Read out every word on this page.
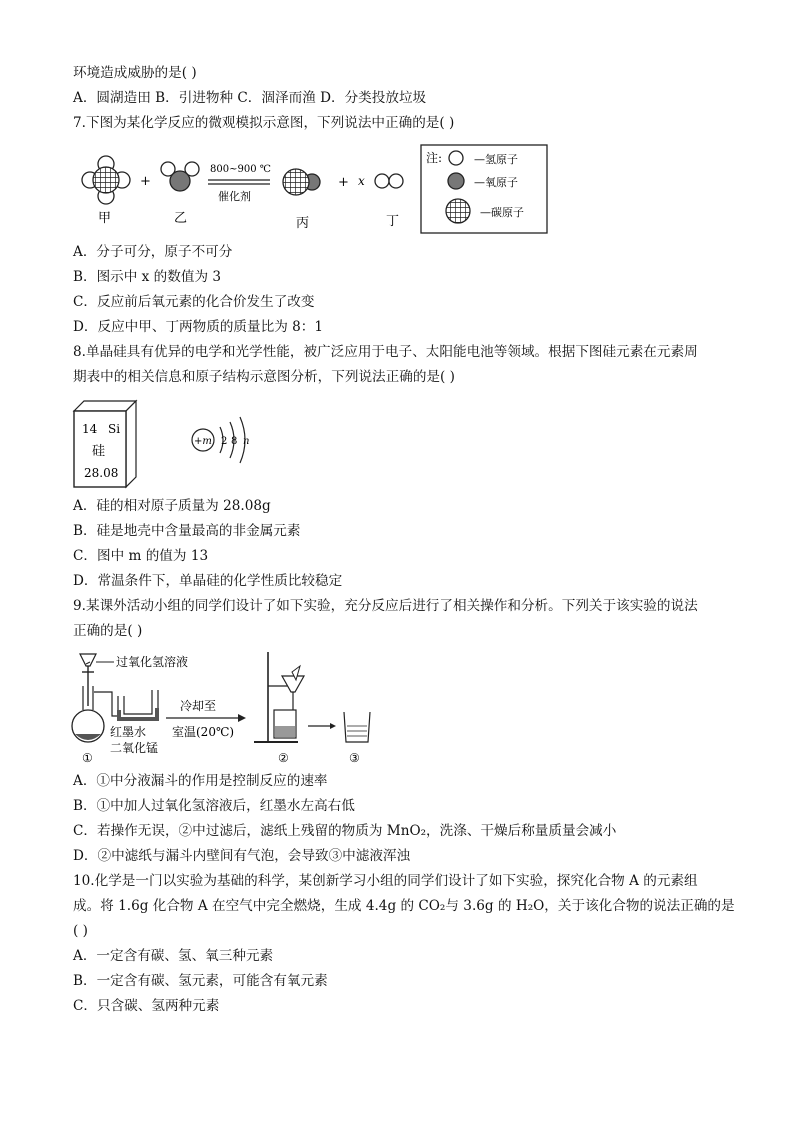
环境造成威胁的是( )
A．圆湖造田 B．引进物种 C．涸泽而渔 D．分类投放垃圾
7.下图为某化学反应的微观模拟示意图，下列说法中正确的是( )
甲
+
乙
800~900 ℃
催化剂
丙
+ x
丁
注:	—氢原子
—氧原子
—碳原子
A．分子可分，原子不可分
B．图示中 x 的数值为 3
C．反应前后氧元素的化合价发生了改变
D．反应中甲、丁两物质的质量比为 8：1
8.单晶硅具有优异的电学和光学性能，被广泛应用于电子、太阳能电池等领域。根据下图硅元素在元素周
期表中的相关信息和原子结构示意图分析，下列说法正确的是( )
14 Si
硅
28.08
+m 2 8 n
A．硅的相对原子质量为 28.08g
B．硅是地壳中含量最高的非金属元素
C．图中 m 的值为 13
D．常温条件下，单晶硅的化学性质比较稳定
9.某课外活动小组的同学们设计了如下实验，充分反应后进行了相关操作和分析。下列关于该实验的说法
正确的是( )
过氧化氢溶液
红墨水
二氧化锰
①
冷却至
室温(20℃)
②	③
A．①中分液漏斗的作用是控制反应的速率
B．①中加人过氧化氢溶液后，红墨水左高右低
C．若操作无误，②中过滤后，滤纸上残留的物质为 MnO₂，洗涤、干燥后称量质量会减小
D．②中滤纸与漏斗内壁间有气泡，会导致③中滤液浑浊
10.化学是一门以实验为基础的科学，某创新学习小组的同学们设计了如下实验，探究化合物 A 的元素组
成。将 1.6g 化合物 A 在空气中完全燃烧，生成 4.4g 的 CO₂与 3.6g 的 H₂O，关于该化合物的说法正确的是
( )
A．一定含有碳、氢、氧三种元素
B．一定含有碳、氢元素，可能含有氧元素
C．只含碳、氢两种元素
